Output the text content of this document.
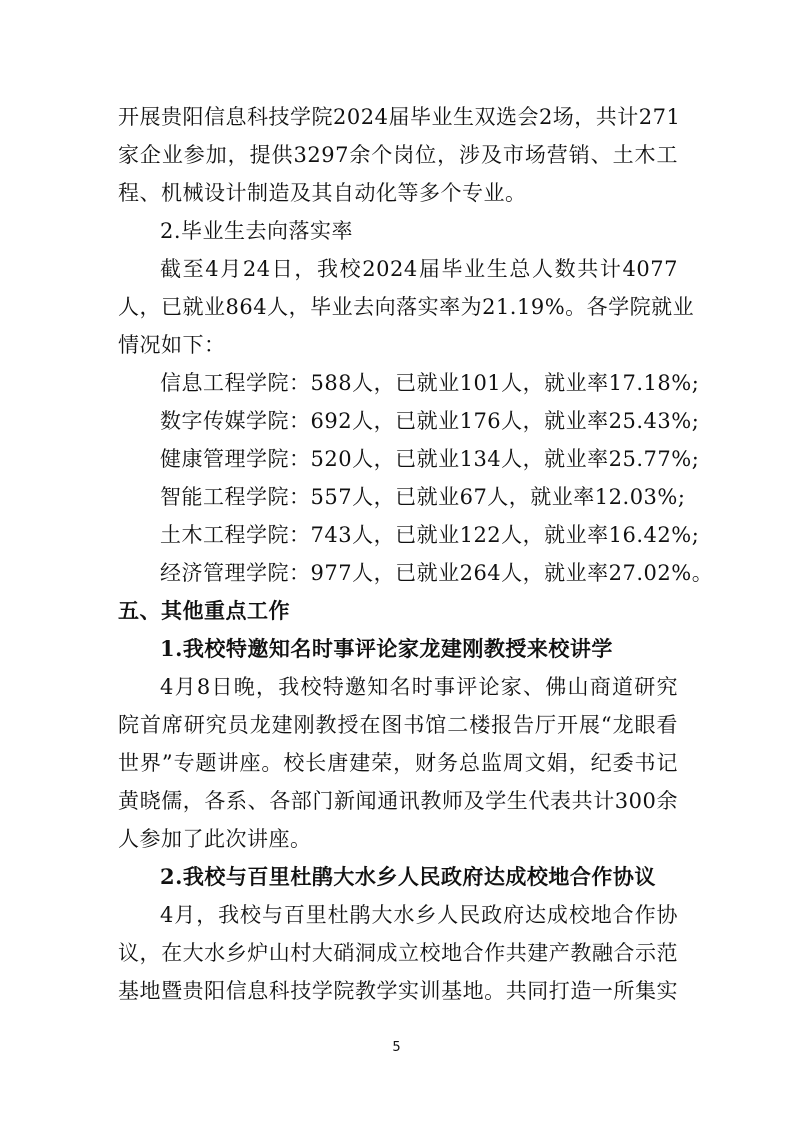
开展贵阳信息科技学院2024届毕业生双选会2场，共计271
家企业参加，提供3297余个岗位，涉及市场营销、土木工
程、机械设计制造及其自动化等多个专业。
2.毕业生去向落实率
截至4月24日，我校2024届毕业生总人数共计4077
人，已就业864人，毕业去向落实率为21.19%。各学院就业
情况如下：
信息工程学院：588人，已就业101人，就业率17.18%;
数字传媒学院：692人，已就业176人，就业率25.43%;
健康管理学院：520人，已就业134人，就业率25.77%;
智能工程学院：557人，已就业67人，就业率12.03%;
土木工程学院：743人，已就业122人，就业率16.42%;
经济管理学院：977人，已就业264人，就业率27.02%。
五、其他重点工作
1.我校特邀知名时事评论家龙建刚教授来校讲学
4月8日晚，我校特邀知名时事评论家、佛山商道研究
院首席研究员龙建刚教授在图书馆二楼报告厅开展“龙眼看
世界”专题讲座。校长唐建荣，财务总监周文娟，纪委书记
黄晓儒，各系、各部门新闻通讯教师及学生代表共计300余
人参加了此次讲座。
2.我校与百里杜鹃大水乡人民政府达成校地合作协议
4月，我校与百里杜鹃大水乡人民政府达成校地合作协
议，在大水乡炉山村大硝洞成立校地合作共建产教融合示范
基地暨贵阳信息科技学院教学实训基地。共同打造一所集实
5
